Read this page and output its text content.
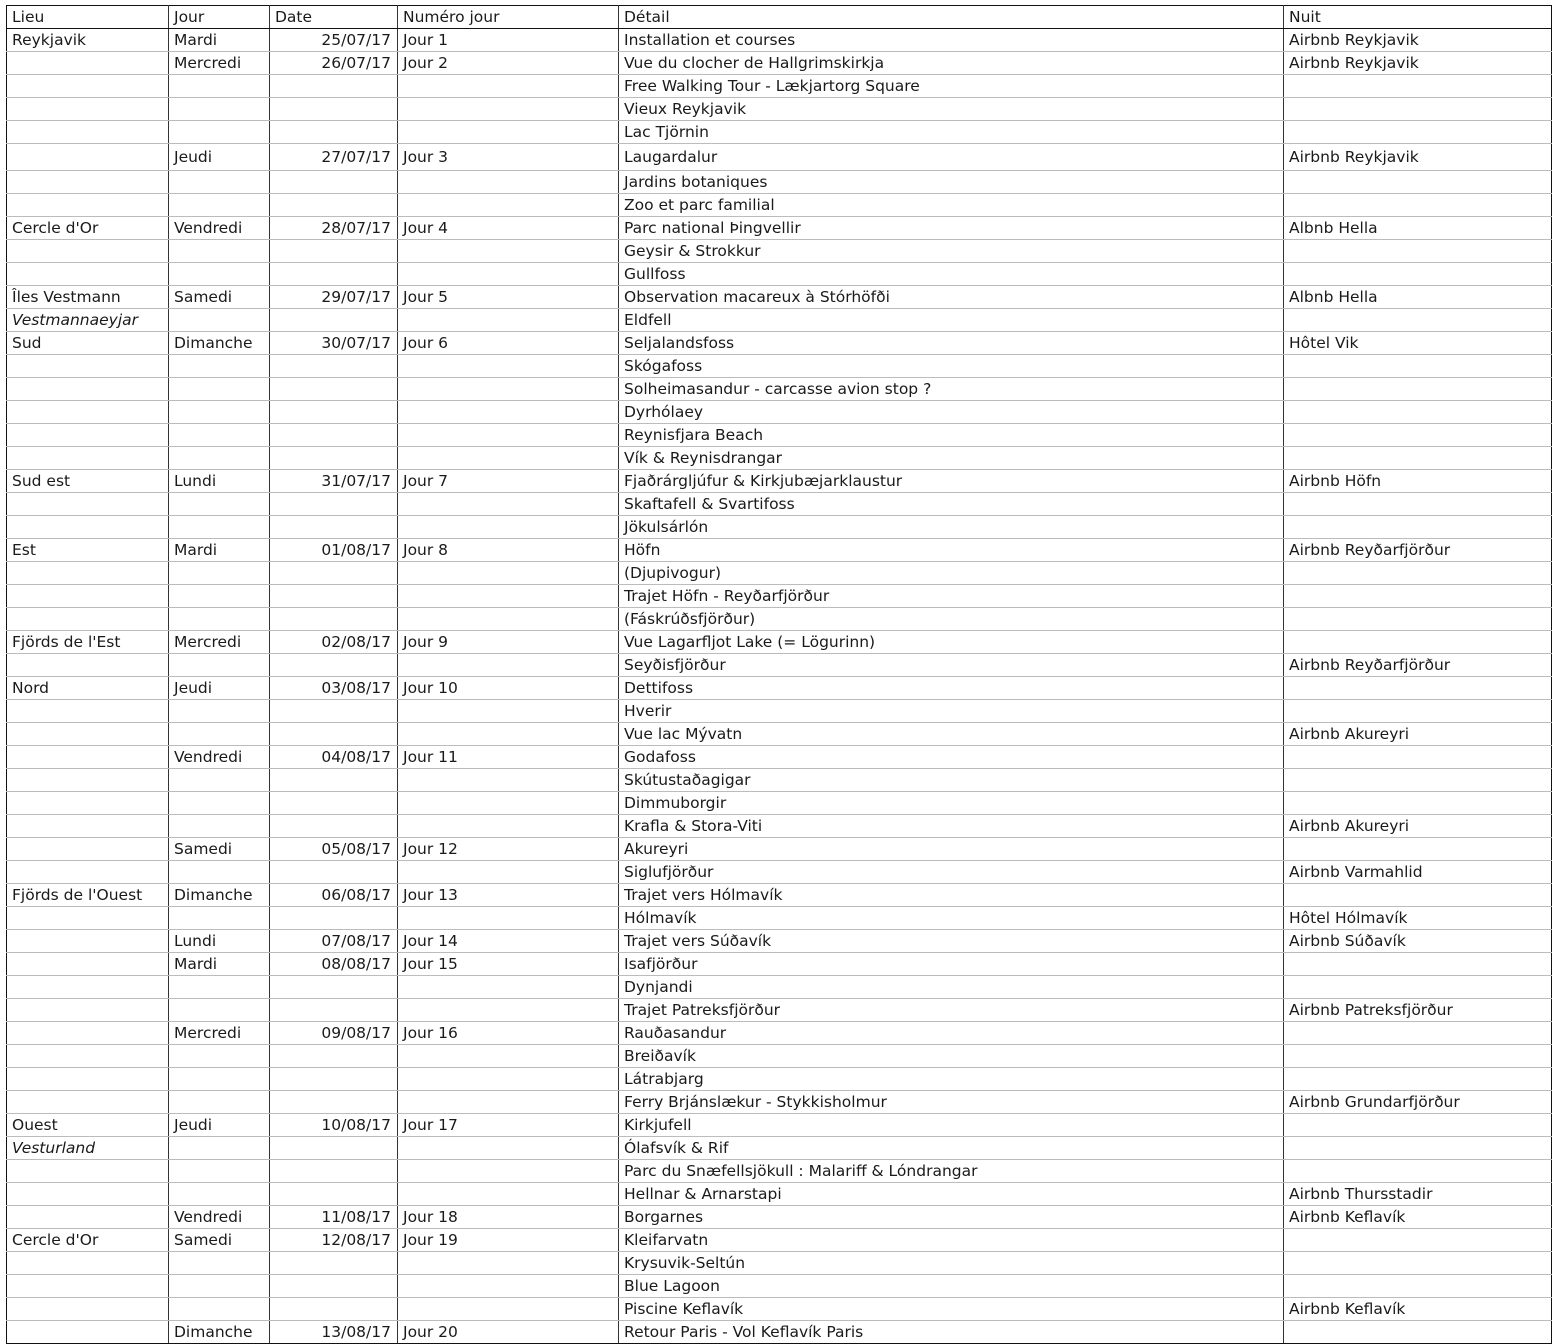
Lieu	Jour	Date	Numéro jour	Détail	Nuit
Reykjavik	Mardi	25/07/17	Jour 1	Installation et courses	Airbnb Reykjavik
	Mercredi	26/07/17	Jour 2	Vue du clocher de Hallgrimskirkja	Airbnb Reykjavik
				Free Walking Tour - Lækjartorg Square	
				Vieux Reykjavik	
				Lac Tjörnin	
	Jeudi	27/07/17	Jour 3	Laugardalur	Airbnb Reykjavik
				Jardins botaniques	
				Zoo et parc familial	
Cercle d'Or	Vendredi	28/07/17	Jour 4	Parc national Þingvellir	Albnb Hella
				Geysir & Strokkur	
				Gullfoss	
Îles Vestmann	Samedi	29/07/17	Jour 5	Observation macareux à Stórhöfði	Albnb Hella
Vestmannaeyjar				Eldfell	
Sud	Dimanche	30/07/17	Jour 6	Seljalandsfoss	Hôtel Vik
				Skógafoss	
				Solheimasandur - carcasse avion stop ?	
				Dyrhólaey	
				Reynisfjara Beach	
				Vík & Reynisdrangar	
Sud est	Lundi	31/07/17	Jour 7	Fjaðrárgljúfur & Kirkjubæjarklaustur	Airbnb Höfn
				Skaftafell & Svartifoss	
				Jökulsárlón	
Est	Mardi	01/08/17	Jour 8	Höfn	Airbnb Reyðarfjörður
				(Djupivogur)	
				Trajet Höfn - Reyðarfjörður	
				(Fáskrúðsfjörður)	
Fjörds de l'Est	Mercredi	02/08/17	Jour 9	Vue Lagarfljot Lake (= Lögurinn)	
				Seyðisfjörður	Airbnb Reyðarfjörður
Nord	Jeudi	03/08/17	Jour 10	Dettifoss	
				Hverir	
				Vue lac Mývatn	Airbnb Akureyri
	Vendredi	04/08/17	Jour 11	Godafoss	
				Skútustaðagigar	
				Dimmuborgir	
				Krafla & Stora-Viti	Airbnb Akureyri
	Samedi	05/08/17	Jour 12	Akureyri	
				Siglufjörður	Airbnb Varmahlid
Fjörds de l'Ouest	Dimanche	06/08/17	Jour 13	Trajet vers Hólmavík	
				Hólmavík	Hôtel Hólmavík
	Lundi	07/08/17	Jour 14	Trajet vers Súðavík	Airbnb Súðavík
	Mardi	08/08/17	Jour 15	Isafjörður	
				Dynjandi	
				Trajet Patreksfjörður	Airbnb Patreksfjörður
	Mercredi	09/08/17	Jour 16	Rauðasandur	
				Breiðavík	
				Látrabjarg	
				Ferry Brjánslækur - Stykkisholmur	Airbnb Grundarfjörður
Ouest	Jeudi	10/08/17	Jour 17	Kirkjufell	
Vesturland				Ólafsvík & Rif	
				Parc du Snæfellsjökull : Malariff & Lóndrangar	
				Hellnar & Arnarstapi	Airbnb Thursstadir
	Vendredi	11/08/17	Jour 18	Borgarnes	Airbnb Keflavík
Cercle d'Or	Samedi	12/08/17	Jour 19	Kleifarvatn	
				Krysuvik-Seltún	
				Blue Lagoon	
				Piscine Keflavík	Airbnb Keflavík
	Dimanche	13/08/17	Jour 20	Retour Paris - Vol Keflavík Paris	
